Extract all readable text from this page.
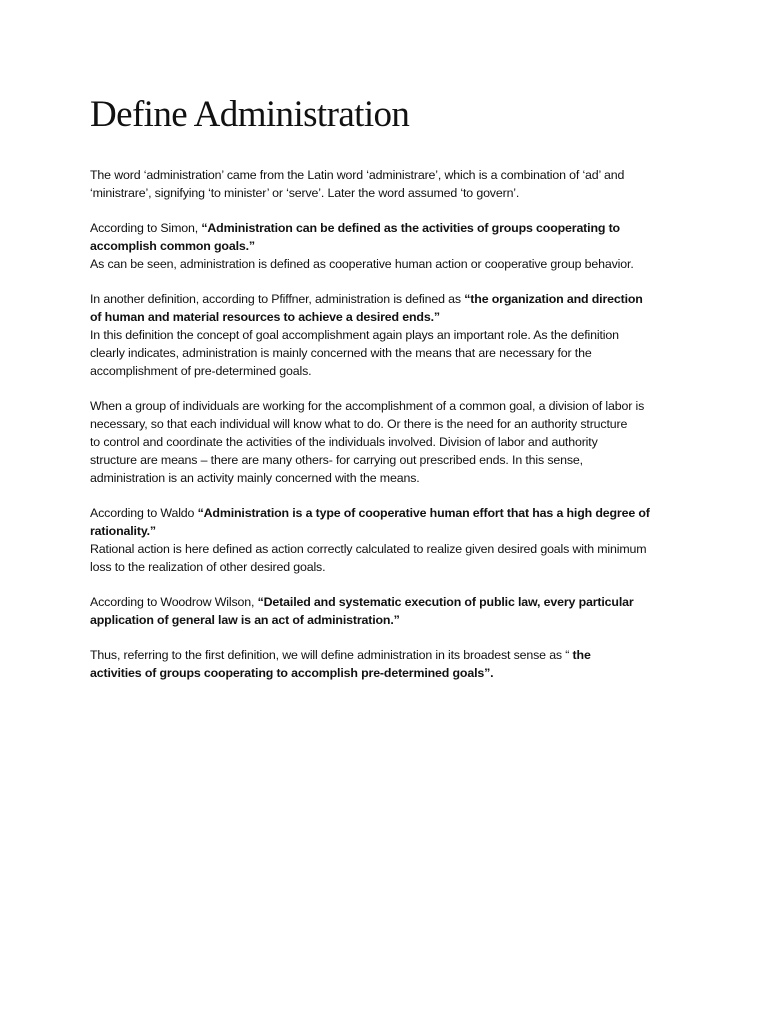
Define Administration

The word ‘administration’ came from the Latin word ‘administrare’, which is a combination of ‘ad’ and
‘ministrare’, signifying ‘to minister’ or ‘serve’. Later the word assumed ‘to govern’.

According to Simon, “Administration can be defined as the activities of groups cooperating to
accomplish common goals.”
As can be seen, administration is defined as cooperative human action or cooperative group behavior.

In another definition, according to Pfiffner, administration is defined as “the organization and direction
of human and material resources to achieve a desired ends.”
In this definition the concept of goal accomplishment again plays an important role. As the definition
clearly indicates, administration is mainly concerned with the means that are necessary for the
accomplishment of pre-determined goals.

When a group of individuals are working for the accomplishment of a common goal, a division of labor is
necessary, so that each individual will know what to do. Or there is the need for an authority structure
to control and coordinate the activities of the individuals involved. Division of labor and authority
structure are means – there are many others- for carrying out prescribed ends. In this sense,
administration is an activity mainly concerned with the means.

According to Waldo “Administration is a type of cooperative human effort that has a high degree of
rationality.”
Rational action is here defined as action correctly calculated to realize given desired goals with minimum
loss to the realization of other desired goals.

According to Woodrow Wilson, “Detailed and systematic execution of public law, every particular
application of general law is an act of administration.”

Thus, referring to the first definition, we will define administration in its broadest sense as “ the
activities of groups cooperating to accomplish pre-determined goals”.
